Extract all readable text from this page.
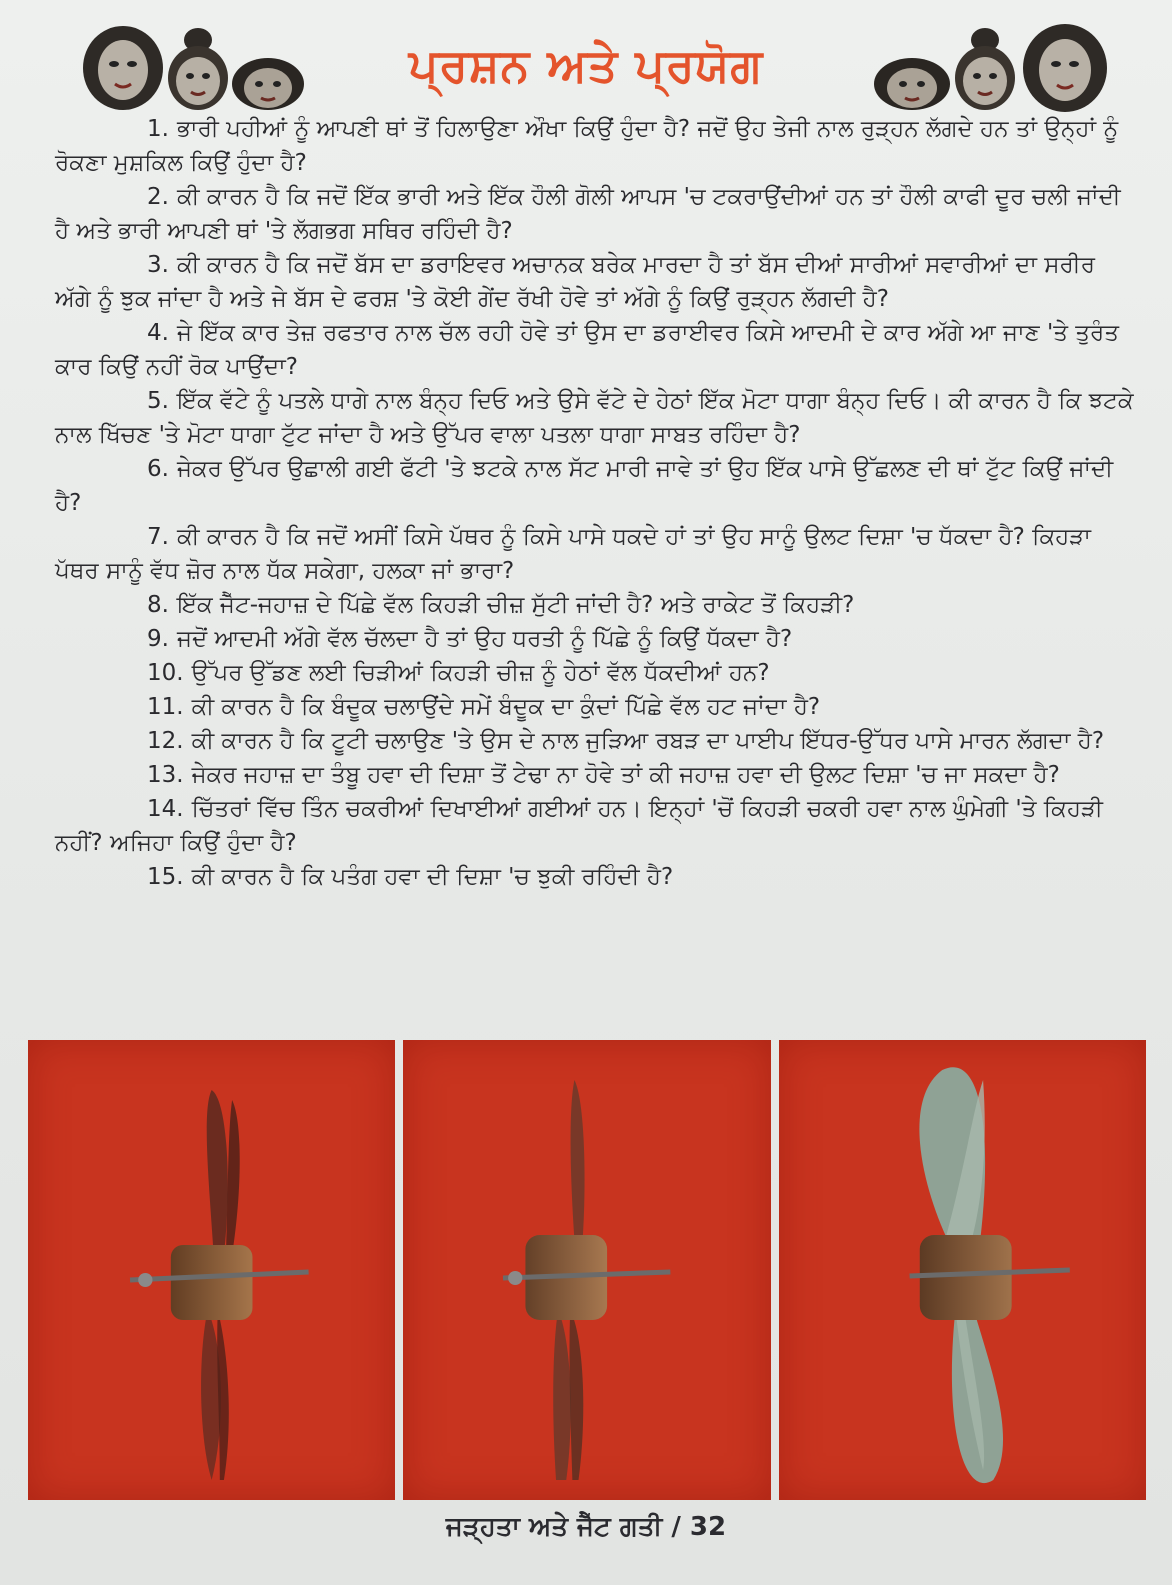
ਪ੍ਰਸ਼ਨ ਅਤੇ ਪ੍ਰਯੋਗ

1. ਭਾਰੀ ਪਹੀਆਂ ਨੂੰ ਆਪਣੀ ਥਾਂ ਤੋਂ ਹਿਲਾਉਣਾ ਔਖਾ ਕਿਉਂ ਹੁੰਦਾ ਹੈ? ਜਦੋਂ ਉਹ ਤੇਜੀ ਨਾਲ ਰੁੜ੍ਹਨ ਲੱਗਦੇ ਹਨ ਤਾਂ ਉਨ੍ਹਾਂ ਨੂੰ ਰੋਕਣਾ ਮੁਸ਼ਕਿਲ ਕਿਉਂ ਹੁੰਦਾ ਹੈ?

2. ਕੀ ਕਾਰਨ ਹੈ ਕਿ ਜਦੋਂ ਇੱਕ ਭਾਰੀ ਅਤੇ ਇੱਕ ਹੌਲੀ ਗੋਲੀ ਆਪਸ 'ਚ ਟਕਰਾਉਂਦੀਆਂ ਹਨ ਤਾਂ ਹੌਲੀ ਕਾਫੀ ਦੂਰ ਚਲੀ ਜਾਂਦੀ ਹੈ ਅਤੇ ਭਾਰੀ ਆਪਣੀ ਥਾਂ 'ਤੇ ਲੱਗਭਗ ਸਥਿਰ ਰਹਿੰਦੀ ਹੈ?

3. ਕੀ ਕਾਰਨ ਹੈ ਕਿ ਜਦੋਂ ਬੱਸ ਦਾ ਡਰਾਇਵਰ ਅਚਾਨਕ ਬਰੇਕ ਮਾਰਦਾ ਹੈ ਤਾਂ ਬੱਸ ਦੀਆਂ ਸਾਰੀਆਂ ਸਵਾਰੀਆਂ ਦਾ ਸਰੀਰ ਅੱਗੇ ਨੂੰ ਝੁਕ ਜਾਂਦਾ ਹੈ ਅਤੇ ਜੇ ਬੱਸ ਦੇ ਫਰਸ਼ 'ਤੇ ਕੋਈ ਗੇਂਦ ਰੱਖੀ ਹੋਵੇ ਤਾਂ ਅੱਗੇ ਨੂੰ ਕਿਉਂ ਰੁੜ੍ਹਨ ਲੱਗਦੀ ਹੈ?

4. ਜੇ ਇੱਕ ਕਾਰ ਤੇਜ਼ ਰਫਤਾਰ ਨਾਲ ਚੱਲ ਰਹੀ ਹੋਵੇ ਤਾਂ ਉਸ ਦਾ ਡਰਾਈਵਰ ਕਿਸੇ ਆਦਮੀ ਦੇ ਕਾਰ ਅੱਗੇ ਆ ਜਾਣ 'ਤੇ ਤੁਰੰਤ ਕਾਰ ਕਿਉਂ ਨਹੀਂ ਰੋਕ ਪਾਉਂਦਾ?

5. ਇੱਕ ਵੱਟੇ ਨੂੰ ਪਤਲੇ ਧਾਗੇ ਨਾਲ ਬੰਨ੍ਹ ਦਿਓ ਅਤੇ ਉਸੇ ਵੱਟੇ ਦੇ ਹੇਠਾਂ ਇੱਕ ਮੋਟਾ ਧਾਗਾ ਬੰਨ੍ਹ ਦਿਓ। ਕੀ ਕਾਰਨ ਹੈ ਕਿ ਝਟਕੇ ਨਾਲ ਖਿੱਚਣ 'ਤੇ ਮੋਟਾ ਧਾਗਾ ਟੁੱਟ ਜਾਂਦਾ ਹੈ ਅਤੇ ਉੱਪਰ ਵਾਲਾ ਪਤਲਾ ਧਾਗਾ ਸਾਬਤ ਰਹਿੰਦਾ ਹੈ?

6. ਜੇਕਰ ਉੱਪਰ ਉਛਾਲੀ ਗਈ ਫੱਟੀ 'ਤੇ ਝਟਕੇ ਨਾਲ ਸੱਟ ਮਾਰੀ ਜਾਵੇ ਤਾਂ ਉਹ ਇੱਕ ਪਾਸੇ ਉੱਛਲਣ ਦੀ ਥਾਂ ਟੁੱਟ ਕਿਉਂ ਜਾਂਦੀ ਹੈ?

7. ਕੀ ਕਾਰਨ ਹੈ ਕਿ ਜਦੋਂ ਅਸੀਂ ਕਿਸੇ ਪੱਥਰ ਨੂੰ ਕਿਸੇ ਪਾਸੇ ਧਕਦੇ ਹਾਂ ਤਾਂ ਉਹ ਸਾਨੂੰ ਉਲਟ ਦਿਸ਼ਾ 'ਚ ਧੱਕਦਾ ਹੈ? ਕਿਹੜਾ ਪੱਥਰ ਸਾਨੂੰ ਵੱਧ ਜ਼ੋਰ ਨਾਲ ਧੱਕ ਸਕੇਗਾ, ਹਲਕਾ ਜਾਂ ਭਾਰਾ?

8. ਇੱਕ ਜੈੱਟ-ਜਹਾਜ਼ ਦੇ ਪਿੱਛੇ ਵੱਲ ਕਿਹੜੀ ਚੀਜ਼ ਸੁੱਟੀ ਜਾਂਦੀ ਹੈ? ਅਤੇ ਰਾਕੇਟ ਤੋਂ ਕਿਹੜੀ?

9. ਜਦੋਂ ਆਦਮੀ ਅੱਗੇ ਵੱਲ ਚੱਲਦਾ ਹੈ ਤਾਂ ਉਹ ਧਰਤੀ ਨੂੰ ਪਿੱਛੇ ਨੂੰ ਕਿਉਂ ਧੱਕਦਾ ਹੈ?

10. ਉੱਪਰ ਉੱਡਣ ਲਈ ਚਿੜੀਆਂ ਕਿਹੜੀ ਚੀਜ਼ ਨੂੰ ਹੇਠਾਂ ਵੱਲ ਧੱਕਦੀਆਂ ਹਨ?

11. ਕੀ ਕਾਰਨ ਹੈ ਕਿ ਬੰਦੂਕ ਚਲਾਉਂਦੇ ਸਮੇਂ ਬੰਦੂਕ ਦਾ ਕੁੰਦਾਂ ਪਿੱਛੇ ਵੱਲ ਹਟ ਜਾਂਦਾ ਹੈ?

12. ਕੀ ਕਾਰਨ ਹੈ ਕਿ ਟੂਟੀ ਚਲਾਉਣ 'ਤੇ ਉਸ ਦੇ ਨਾਲ ਜੁੜਿਆ ਰਬੜ ਦਾ ਪਾਈਪ ਇੱਧਰ-ਉੱਧਰ ਪਾਸੇ ਮਾਰਨ ਲੱਗਦਾ ਹੈ?

13. ਜੇਕਰ ਜਹਾਜ਼ ਦਾ ਤੰਬੂ ਹਵਾ ਦੀ ਦਿਸ਼ਾ ਤੋਂ ਟੇਢਾ ਨਾ ਹੋਵੇ ਤਾਂ ਕੀ ਜਹਾਜ਼ ਹਵਾ ਦੀ ਉਲਟ ਦਿਸ਼ਾ 'ਚ ਜਾ ਸਕਦਾ ਹੈ?

14. ਚਿੱਤਰਾਂ ਵਿੱਚ ਤਿੰਨ ਚਕਰੀਆਂ ਦਿਖਾਈਆਂ ਗਈਆਂ ਹਨ। ਇਨ੍ਹਾਂ 'ਚੋਂ ਕਿਹੜੀ ਚਕਰੀ ਹਵਾ ਨਾਲ ਘੁੰਮੇਗੀ 'ਤੇ ਕਿਹੜੀ ਨਹੀਂ? ਅਜਿਹਾ ਕਿਉਂ ਹੁੰਦਾ ਹੈ?

15. ਕੀ ਕਾਰਨ ਹੈ ਕਿ ਪਤੰਗ ਹਵਾ ਦੀ ਦਿਸ਼ਾ 'ਚ ਝੁਕੀ ਰਹਿੰਦੀ ਹੈ?

ਜੜ੍ਹਤਾ ਅਤੇ ਜੈੱਟ ਗਤੀ / 32
